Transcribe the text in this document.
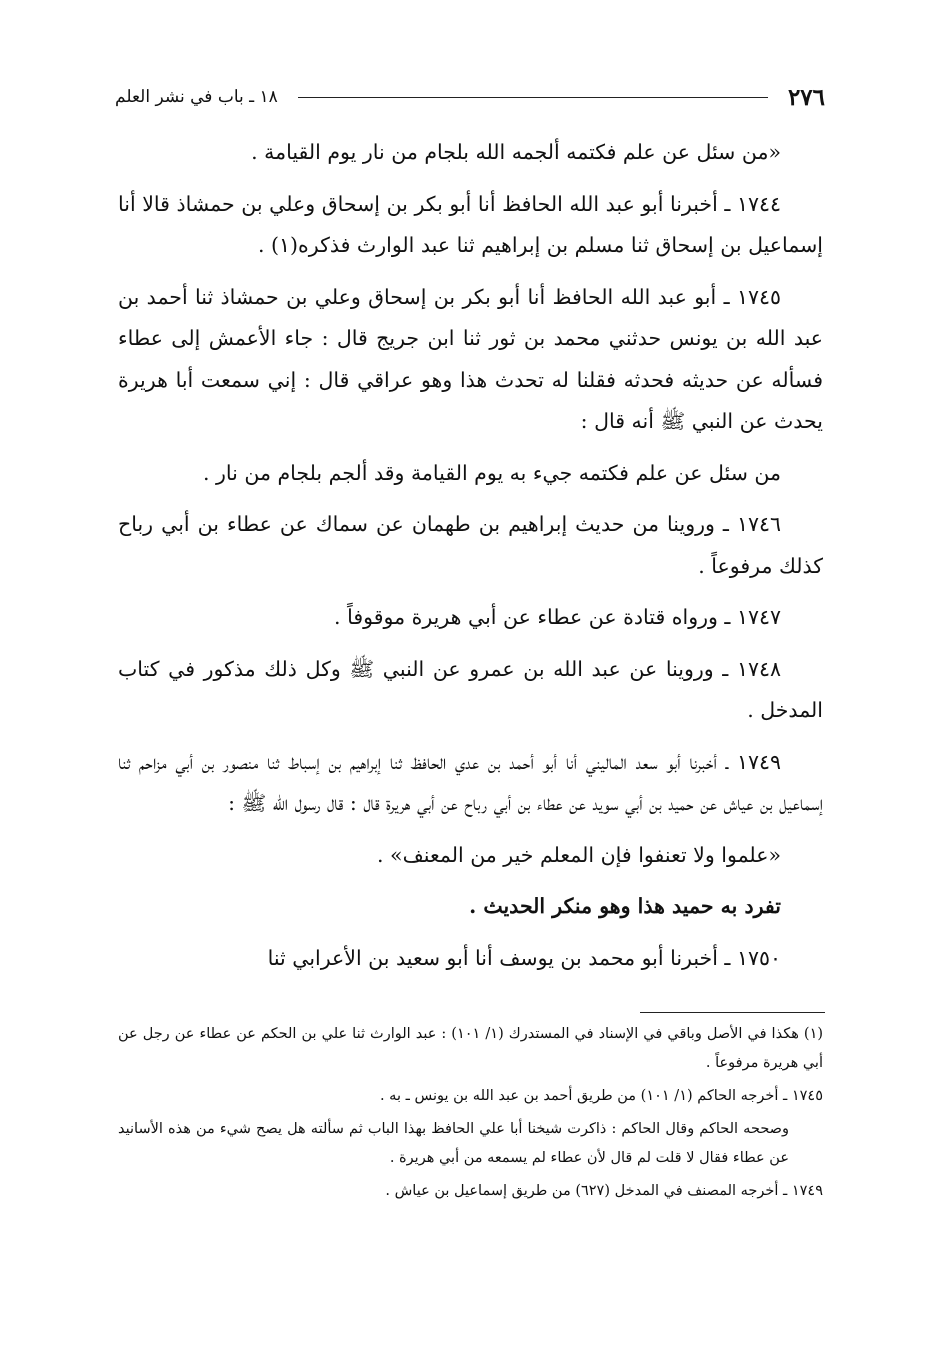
٢٧٦
١٨ ـ باب في نشر العلم

«من سئل عن علم فكتمه ألجمه الله بلجام من نار يوم القيامة .

١٧٤٤ ـ أخبرنا أبو عبد الله الحافظ أنا أبو بكر بن إسحاق وعلي بن حمشاذ قالا أنا إسماعيل بن إسحاق ثنا مسلم بن إبراهيم ثنا عبد الوارث فذكره(١) .

١٧٤٥ ـ أبو عبد الله الحافظ أنا أبو بكر بن إسحاق وعلي بن حمشاذ ثنا أحمد بن عبد الله بن يونس حدثني محمد بن ثور ثنا ابن جريج قال : جاء الأعمش إلى عطاء فسأله عن حديثه فحدثه فقلنا له تحدث هذا وهو عراقي قال : إني سمعت أبا هريرة يحدث عن النبي ﷺ أنه قال :

من سئل عن علم فكتمه جيء به يوم القيامة وقد ألجم بلجام من نار .

١٧٤٦ ـ وروينا من حديث إبراهيم بن طهمان عن سماك عن عطاء بن أبي رباح كذلك مرفوعاً .

١٧٤٧ ـ ورواه قتادة عن عطاء عن أبي هريرة موقوفاً .

١٧٤٨ ـ وروينا عن عبد الله بن عمرو عن النبي ﷺ وكل ذلك مذكور في كتاب المدخل .

١٧٤٩ ـ أخبرنا أبو سعد الماليني أنا أبو أحمد بن عدي الحافظ ثنا إبراهيم بن إسباط ثنا منصور بن أبي مزاحم ثنا إسماعيل بن عياش عن حميد بن أبي سويد عن عطاء بن أبي رباح عن أبي هريرة قال : قال رسول الله ﷺ :

«علموا ولا تعنفوا فإن المعلم خير من المعنف» .

تفرد به حميد هذا وهو منكر الحديث .

١٧٥٠ ـ أخبرنا أبو محمد بن يوسف أنا أبو سعيد بن الأعرابي ثنا

(١) هكذا في الأصل وباقي في الإسناد في المستدرك (١/ ١٠١) : عبد الوارث ثنا علي بن الحكم عن عطاء عن رجل عن أبي هريرة مرفوعاً .

١٧٤٥ ـ أخرجه الحاكم (١/ ١٠١) من طريق أحمد بن عبد الله بن يونس ـ به .

وصححه الحاكم وقال الحاكم : ذاكرت شيخنا أبا علي الحافظ بهذا الباب ثم سألته هل يصح شيء من هذه الأسانيد عن عطاء فقال لا قلت لم قال لأن عطاء لم يسمعه من أبي هريرة .

١٧٤٩ ـ أخرجه المصنف في المدخل (٦٢٧) من طريق إسماعيل بن عياش .
